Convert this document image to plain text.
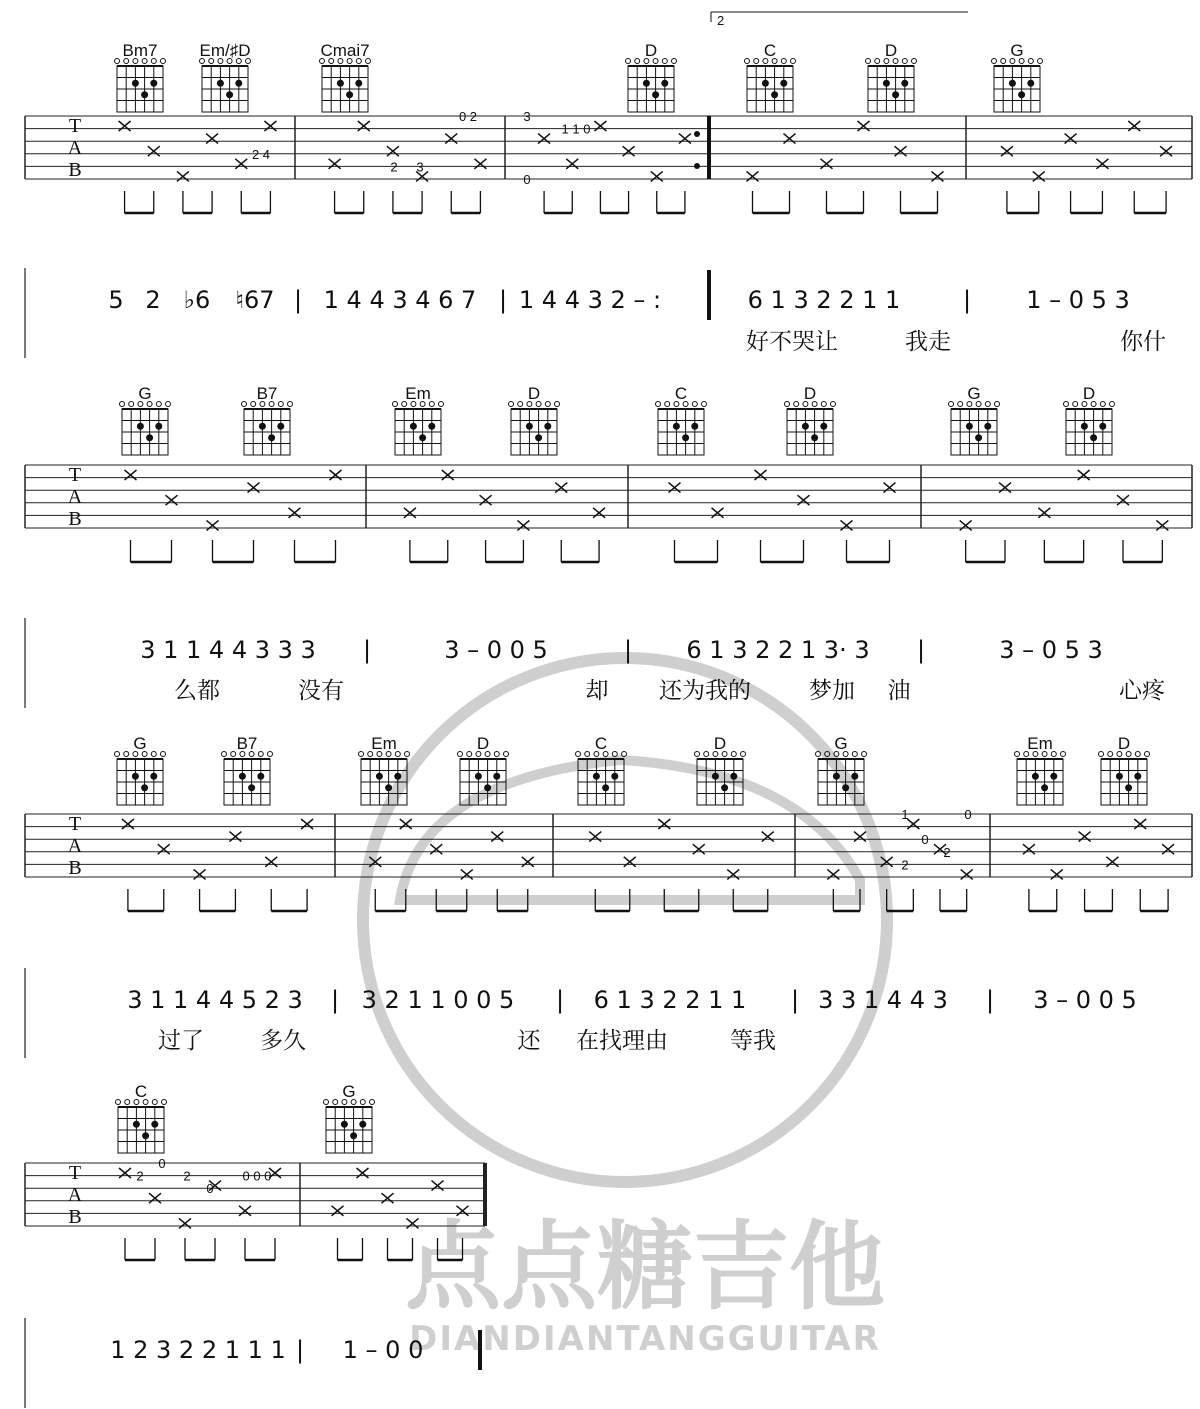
点点糖吉他
DIANDIANTANGGUITAR
2
Bm7 Em/♯D	Cmai7	D	C	D	G
T
A
B
2 4
2 3
0 2	3
1 1 0
0
5 2 ♭6 ♮67 | 1 4 4 3 4 6 7 | 1 4 4 3 2 – :	6 1 3 2 2 1 1	| 1 – 0 5 3
好不哭让	我走	你什
G	B7	Em	D	C	D	G	D
T
A
B
3 1 1 4 4 3 3 3 |	3 – 0 0 5	| 6 1 3 2 2 1 3· 3 |	3 – 0 5 3
么都	没有	却 还为我的	梦加 油	心疼
G	B7	Em	D	C	D	G	Em	D
T
A
B
1	0
0
2
2
3 1 1 4 4 5 2 3 | 3 2 1 1 0 0 5 | 6 1 3 2 2 1 1 | 3 3 1 4 4 3 | 3 – 0 0 5
过了 多久	还 在找理由	等我
C	G
T
A
B
2
0
2
0
0 0 0
1 2 3 2 2 1 1 1 | 1 – 0 0
